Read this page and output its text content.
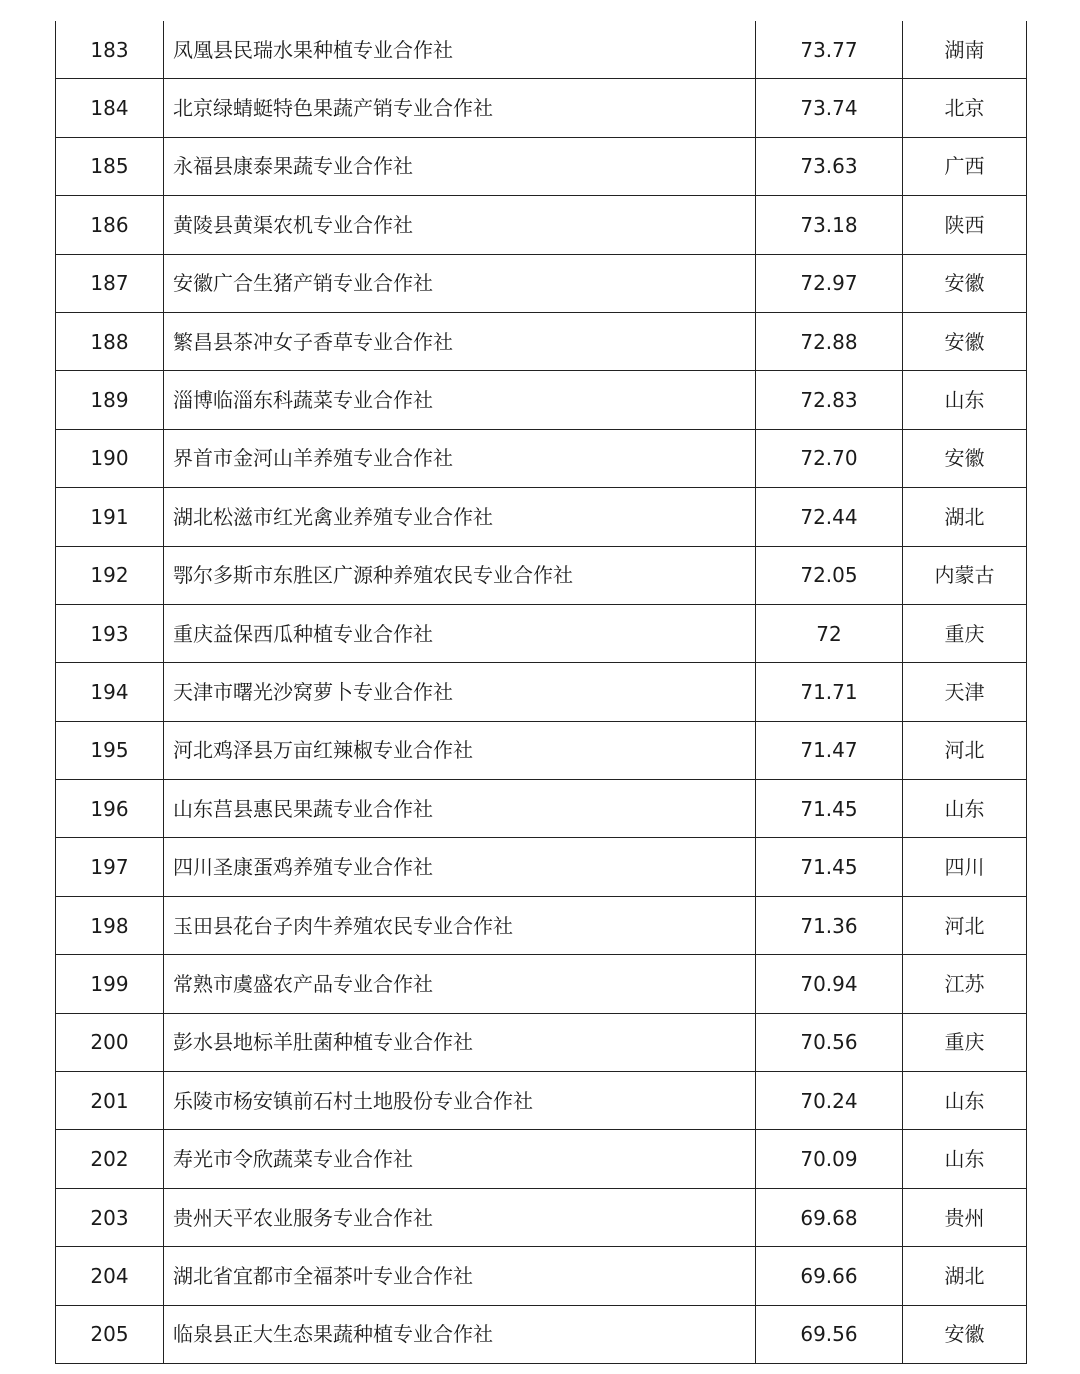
183	凤凰县民瑞水果种植专业合作社	73.77	湖南
184	北京绿蜻蜓特色果蔬产销专业合作社	73.74	北京
185	永福县康泰果蔬专业合作社	73.63	广西
186	黄陵县黄渠农机专业合作社	73.18	陕西
187	安徽广合生猪产销专业合作社	72.97	安徽
188	繁昌县茶冲女子香草专业合作社	72.88	安徽
189	淄博临淄东科蔬菜专业合作社	72.83	山东
190	界首市金河山羊养殖专业合作社	72.70	安徽
191	湖北松滋市红光禽业养殖专业合作社	72.44	湖北
192	鄂尔多斯市东胜区广源种养殖农民专业合作社	72.05	内蒙古
193	重庆益保西瓜种植专业合作社	72	重庆
194	天津市曙光沙窝萝卜专业合作社	71.71	天津
195	河北鸡泽县万亩红辣椒专业合作社	71.47	河北
196	山东莒县惠民果蔬专业合作社	71.45	山东
197	四川圣康蛋鸡养殖专业合作社	71.45	四川
198	玉田县花台子肉牛养殖农民专业合作社	71.36	河北
199	常熟市虞盛农产品专业合作社	70.94	江苏
200	彭水县地标羊肚菌种植专业合作社	70.56	重庆
201	乐陵市杨安镇前石村土地股份专业合作社	70.24	山东
202	寿光市令欣蔬菜专业合作社	70.09	山东
203	贵州天平农业服务专业合作社	69.68	贵州
204	湖北省宜都市全福茶叶专业合作社	69.66	湖北
205	临泉县正大生态果蔬种植专业合作社	69.56	安徽
